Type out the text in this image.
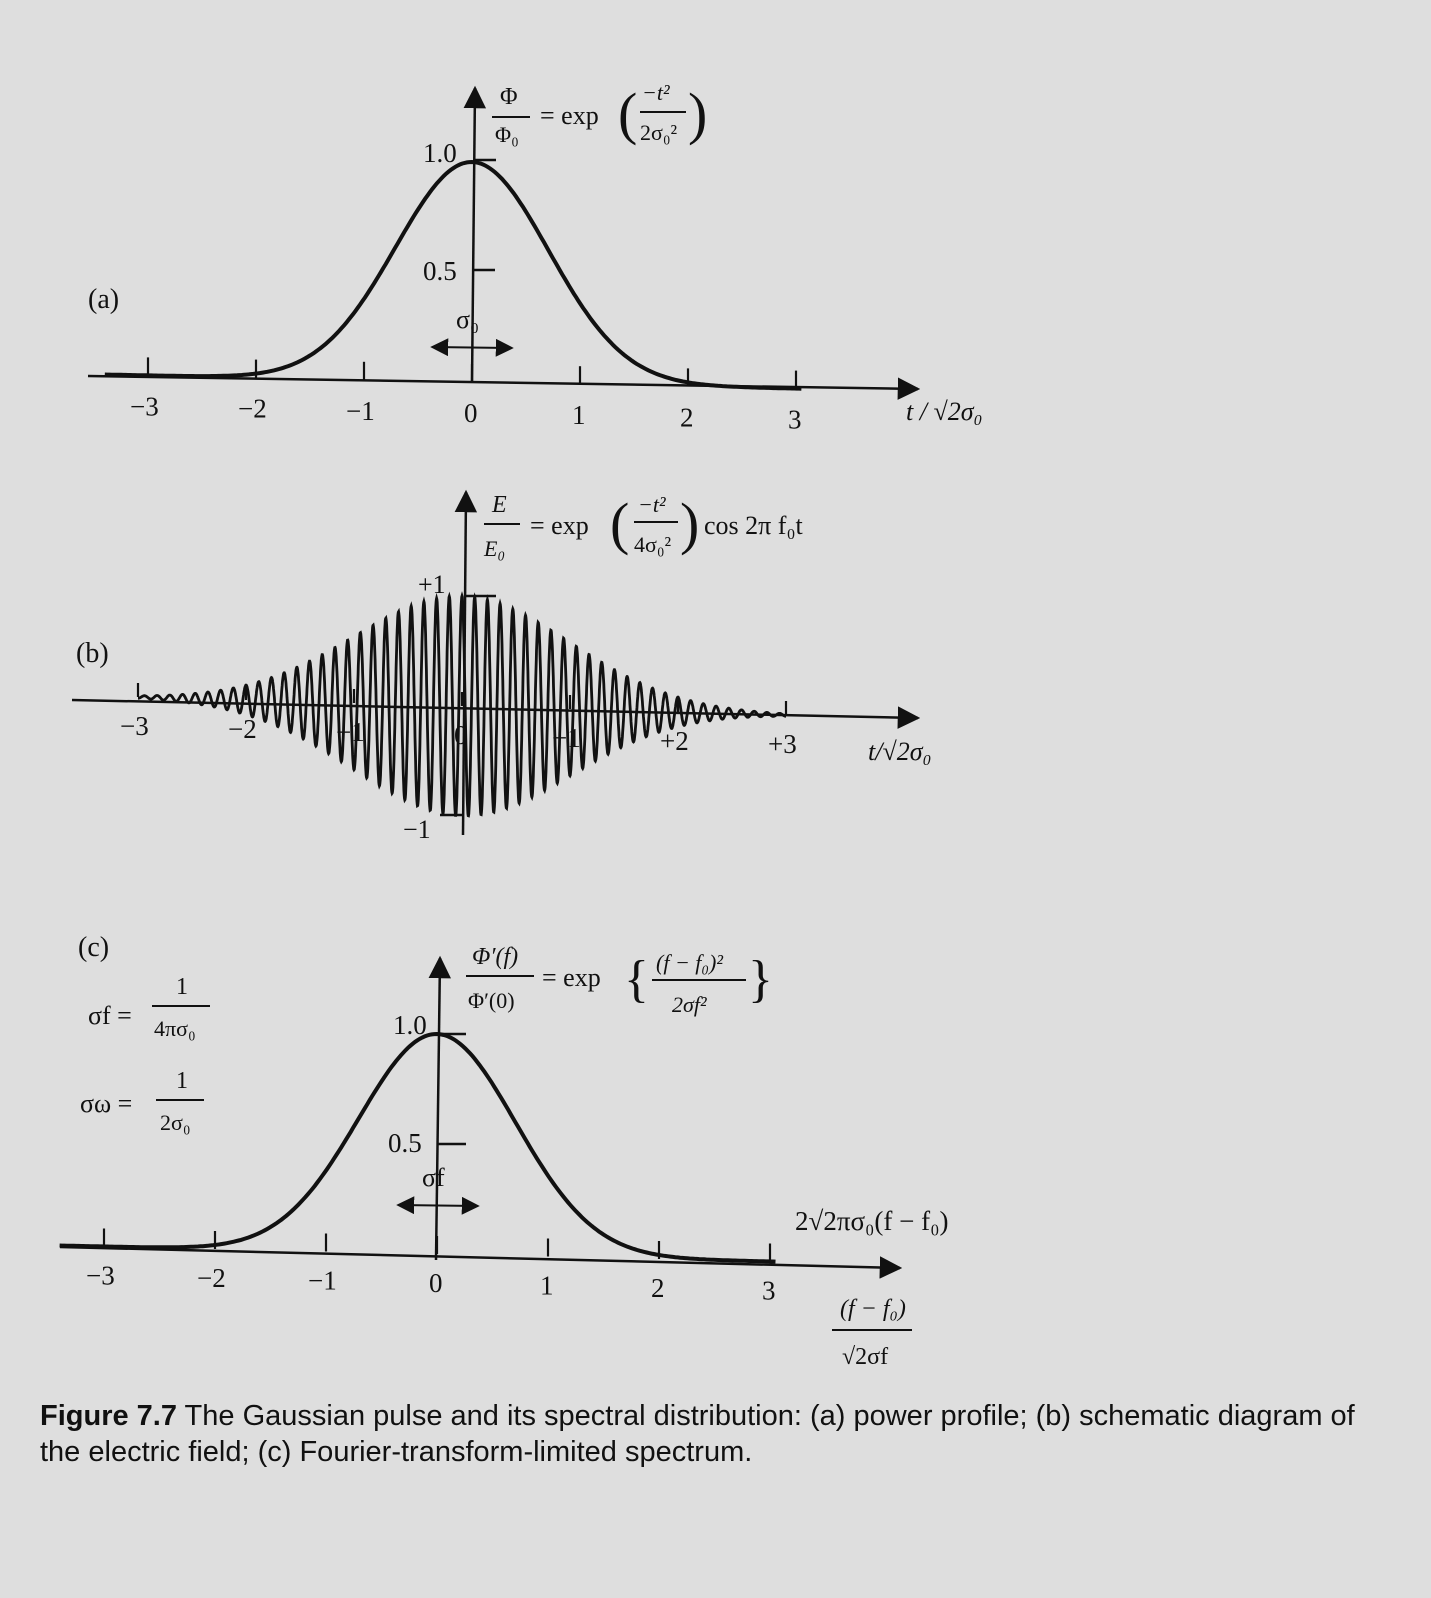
−3	−2	−1	0	1	2	3
1.0
0.5
(a)
σ₀
t / √2σ₀
Φ
Φ₀
= exp ( −t²
2σ₀² )
−3	−2	−1	0	+1	+2	+3
+1
−1
(b)
t/√2σ₀
E
E₀
= exp ( −t²
4σ₀² ) cos 2π f₀t
−3	−2	−1	0	1	2	3
1.0
0.5
(c)
σf
2√2πσ₀(f − f₀)
(f − f₀)
√2σf
σf =
1
4πσ₀
σω =
1
2σ₀
Φ′(f)
Φ′(0)
= exp { (f − f₀)²
2σf² }

Figure 7.7 The Gaussian pulse and its spectral distribution: (a) power profile; (b) schematic diagram of the electric field; (c) Fourier-transform-limited spectrum.
